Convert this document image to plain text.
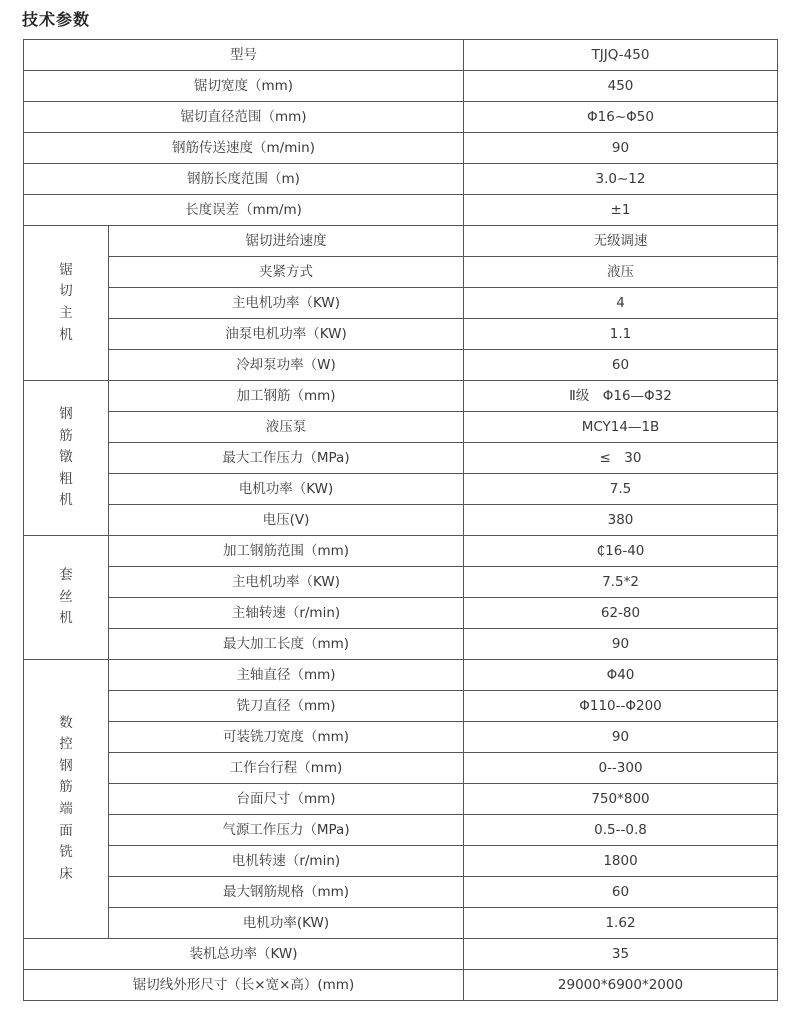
技术参数
型号		TJJQ-450
锯切宽度（mm)		450
锯切直径范围（mm)		Φ16~Φ50
钢筋传送速度（m/min)		90
钢筋长度范围（m)		3.0~12
长度误差（mm/m)		±1
锯切主机	锯切进给速度	无级调速
	夹紧方式	液压
	主电机功率（KW)	4
	油泵电机功率（KW)	1.1
	冷却泵功率（W)	60
钢筋镦粗机	加工钢筋（mm)	Ⅱ级　Φ16—Φ32
	液压泵	MCY14—1B
	最大工作压力（MPa)	≤　30
	电机功率（KW)	7.5
	电压(V)	380
套丝机	加工钢筋范围（mm)	₵16-40
	主电机功率（KW)	7.5*2
	主轴转速（r/min)	62-80
	最大加工长度（mm)	90
数控钢筋端面铣床	主轴直径（mm)	Φ40
	铣刀直径（mm)	Φ110--Φ200
	可装铣刀宽度（mm)	90
	工作台行程（mm)	0--300
	台面尺寸（mm)	750*800
	气源工作压力（MPa)	0.5--0.8
	电机转速（r/min)	1800
	最大钢筋规格（mm)	60
	电机功率(KW)	1.62
装机总功率（KW)		35
锯切线外形尺寸（长×宽×高）(mm)		29000*6900*2000
